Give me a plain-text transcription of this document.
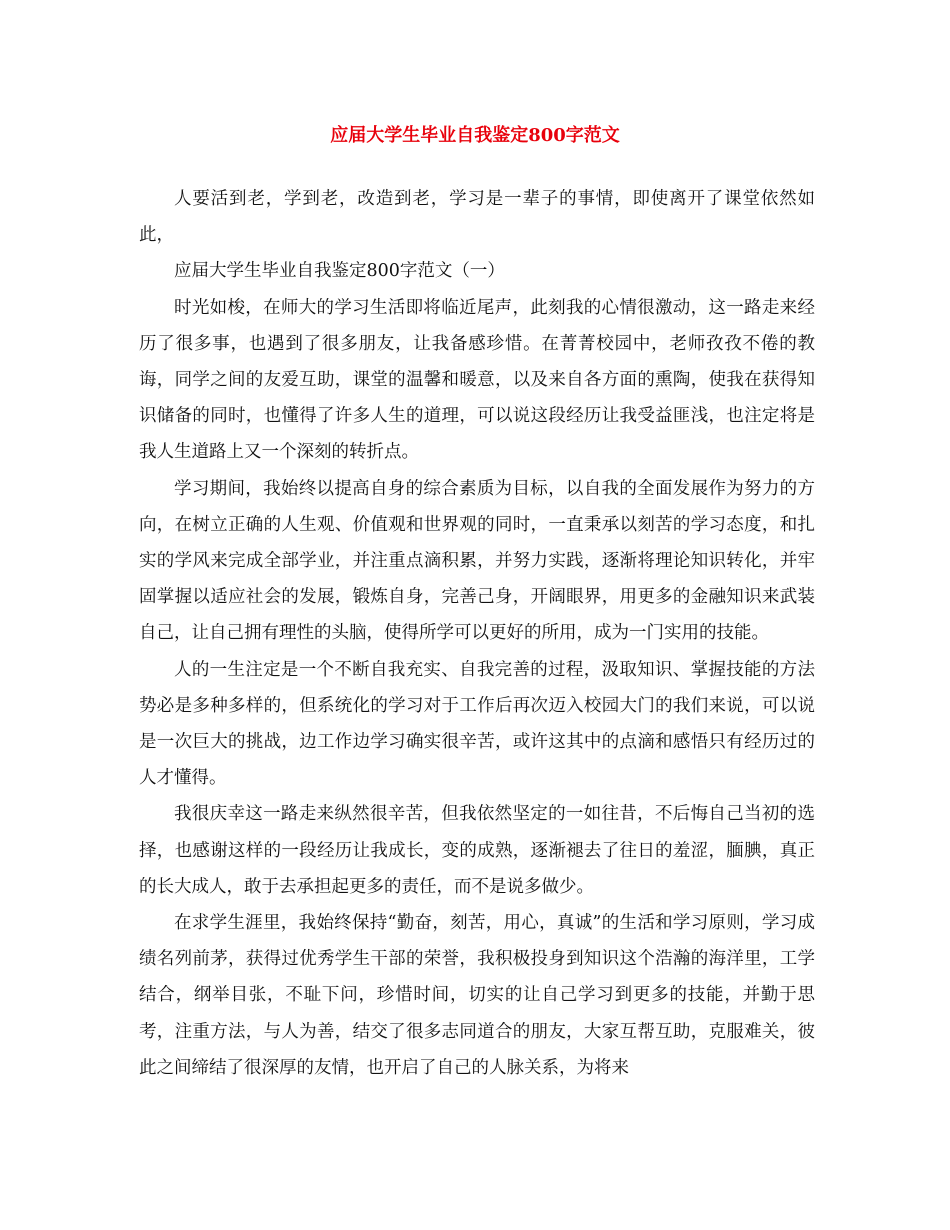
应届大学生毕业自我鉴定800字范文

人要活到老，学到老，改造到老，学习是一辈子的事情，即使离开了课堂依然如此，

应届大学生毕业自我鉴定800字范文（一）

时光如梭，在师大的学习生活即将临近尾声，此刻我的心情很激动，这一路走来经历了很多事，也遇到了很多朋友，让我备感珍惜。在菁菁校园中，老师孜孜不倦的教诲，同学之间的友爱互助，课堂的温馨和暖意，以及来自各方面的熏陶，使我在获得知识储备的同时，也懂得了许多人生的道理，可以说这段经历让我受益匪浅，也注定将是我人生道路上又一个深刻的转折点。

学习期间，我始终以提高自身的综合素质为目标，以自我的全面发展作为努力的方向，在树立正确的人生观、价值观和世界观的同时，一直秉承以刻苦的学习态度，和扎实的学风来完成全部学业，并注重点滴积累，并努力实践，逐渐将理论知识转化，并牢固掌握以适应社会的发展，锻炼自身，完善己身，开阔眼界，用更多的金融知识来武装自己，让自己拥有理性的头脑，使得所学可以更好的所用，成为一门实用的技能。

人的一生注定是一个不断自我充实、自我完善的过程，汲取知识、掌握技能的方法势必是多种多样的，但系统化的学习对于工作后再次迈入校园大门的我们来说，可以说是一次巨大的挑战，边工作边学习确实很辛苦，或许这其中的点滴和感悟只有经历过的人才懂得。

我很庆幸这一路走来纵然很辛苦，但我依然坚定的一如往昔，不后悔自己当初的选择，也感谢这样的一段经历让我成长，变的成熟，逐渐褪去了往日的羞涩，腼腆，真正的长大成人，敢于去承担起更多的责任，而不是说多做少。

在求学生涯里，我始终保持“勤奋，刻苦，用心，真诚”的生活和学习原则，学习成绩名列前茅，获得过优秀学生干部的荣誉，我积极投身到知识这个浩瀚的海洋里，工学结合，纲举目张，不耻下问，珍惜时间，切实的让自己学习到更多的技能，并勤于思考，注重方法，与人为善，结交了很多志同道合的朋友，大家互帮互助，克服难关，彼此之间缔结了很深厚的友情，也开启了自己的人脉关系，为将来
